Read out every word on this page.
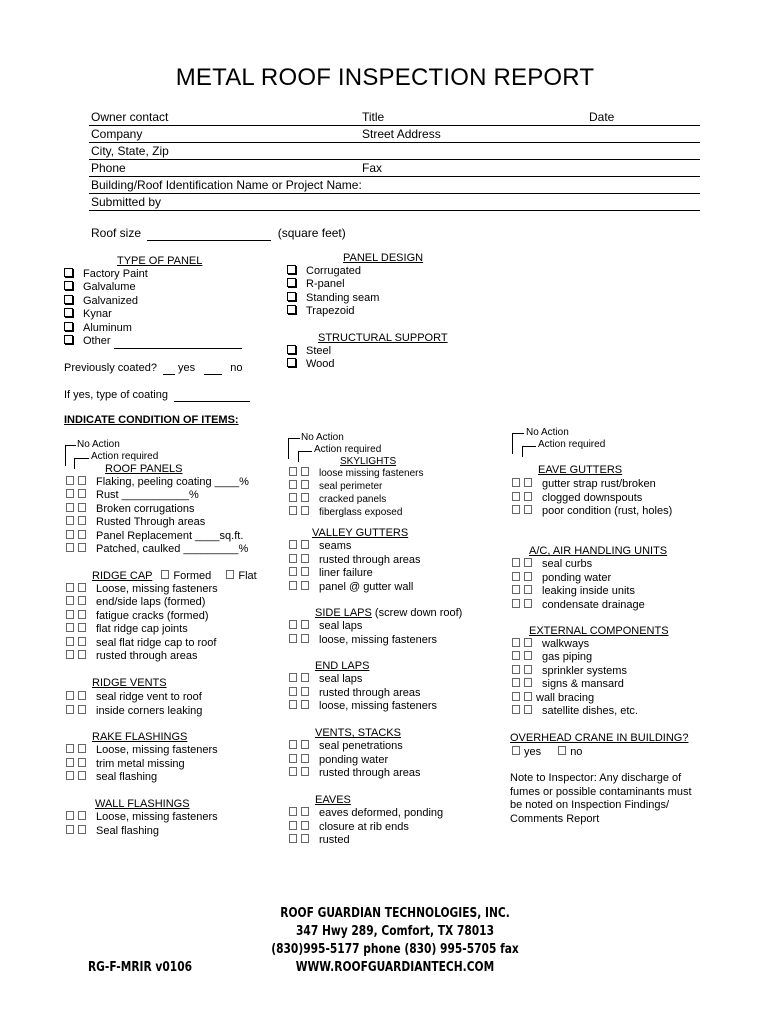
METAL ROOF INSPECTION REPORT
Owner contact	Title	Date
Company	Street Address
City, State, Zip
Phone	Fax
Building/Roof Identification Name or Project Name:
Submitted by
Roof size	(square feet)
TYPE OF PANEL
Factory Paint
Galvalume
Galvanized
Kynar
Aluminum
Other
PANEL DESIGN
Corrugated
R-panel
Standing seam
Trapezoid
STRUCTURAL SUPPORT
Steel
Wood
Previously coated? yes	no
If yes, type of coating
INDICATE CONDITION OF ITEMS:
No Action
Action required
No Action
Action required
No Action
Action required
ROOF PANELS
Flaking, peeling coating ____%
Rust ___________%
Broken corrugations
Rusted Through areas
Panel Replacement ____sq.ft.
Patched, caulked _________%
RIDGE CAP Formed Flat
Loose, missing fasteners
end/side laps (formed)
fatigue cracks (formed)
flat ridge cap joints
seal flat ridge cap to roof
rusted through areas
RIDGE VENTS
seal ridge vent to roof
inside corners leaking
RAKE FLASHINGS
Loose, missing fasteners
trim metal missing
seal flashing
WALL FLASHINGS
Loose, missing fasteners
Seal flashing
SKYLIGHTS
loose missing fasteners
seal perimeter
cracked panels
fiberglass exposed
VALLEY GUTTERS
seams
rusted through areas
liner failure
panel @ gutter wall
SIDE LAPS (screw down roof)
seal laps
loose, missing fasteners
END LAPS
seal laps
rusted through areas
loose, missing fasteners
VENTS, STACKS
seal penetrations
ponding water
rusted through areas
EAVES
eaves deformed, ponding
closure at rib ends
rusted
EAVE GUTTERS
gutter strap rust/broken
clogged downspouts
poor condition (rust, holes)
A/C, AIR HANDLING UNITS
seal curbs
ponding water
leaking inside units
condensate drainage
EXTERNAL COMPONENTS
walkways
gas piping
sprinkler systems
signs & mansard
wall bracing
satellite dishes, etc.
OVERHEAD CRANE IN BUILDING?
yes	no
Note to Inspector: Any discharge of
fumes or possible contaminants must
be noted on Inspection Findings/
Comments Report
ROOF GUARDIAN TECHNOLOGIES, INC.
347 Hwy 289, Comfort, TX 78013
(830)995-5177 phone (830) 995-5705 fax
WWW.ROOFGUARDIANTECH.COM
RG-F-MRIR v0106
